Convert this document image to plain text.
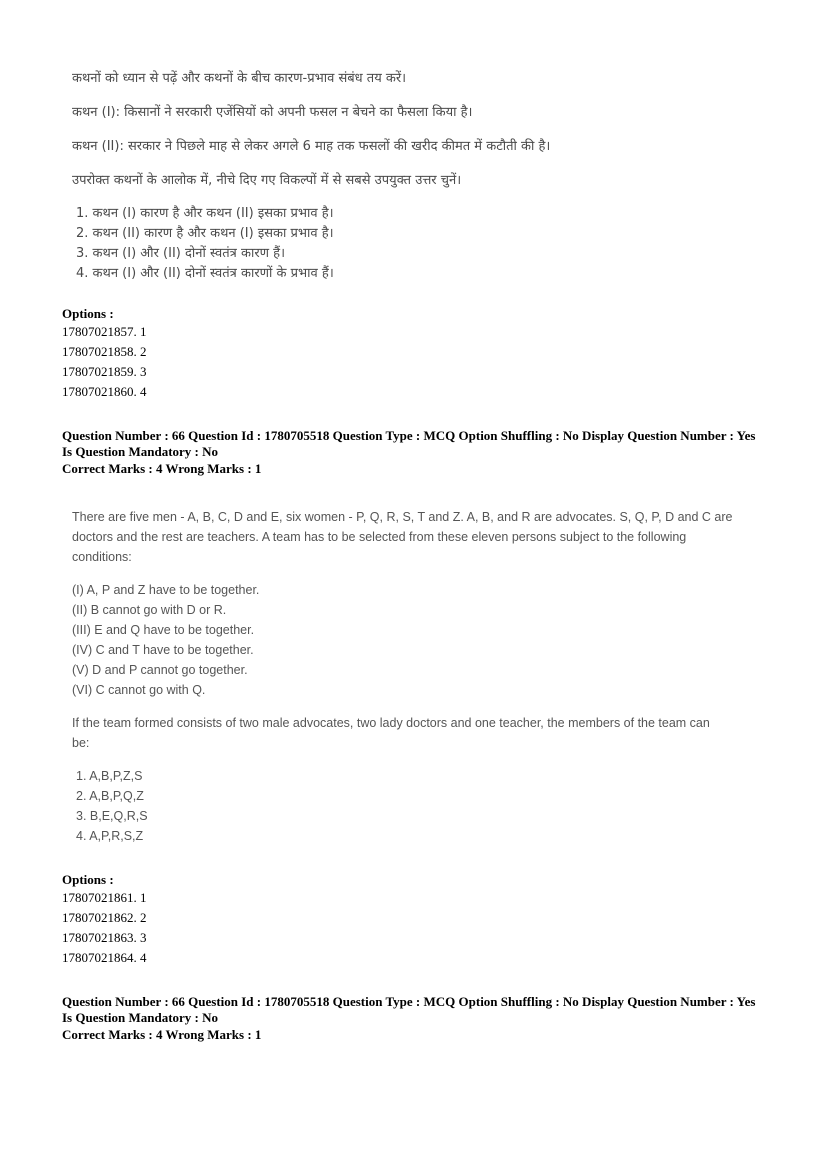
कथनों को ध्यान से पढ़ें और कथनों के बीच कारण-प्रभाव संबंध तय करें।

कथन (I): किसानों ने सरकारी एजेंसियों को अपनी फसल न बेचने का फैसला किया है।

कथन (II): सरकार ने पिछले माह से लेकर अगले 6 माह तक फसलों की खरीद कीमत में कटौती की है।

उपरोक्त कथनों के आलोक में, नीचे दिए गए विकल्पों में से सबसे उपयुक्त उत्तर चुनें।

1. कथन (I) कारण है और कथन (II) इसका प्रभाव है।
2. कथन (II) कारण है और कथन (I) इसका प्रभाव है।
3. कथन (I) और (II) दोनों स्वतंत्र कारण हैं।
4. कथन (I) और (II) दोनों स्वतंत्र कारणों के प्रभाव हैं।
Options :
17807021857. 1
17807021858. 2
17807021859. 3
17807021860. 4
Question Number : 66 Question Id : 1780705518 Question Type : MCQ Option Shuffling : No Display Question Number : Yes
Is Question Mandatory : No
Correct Marks : 4 Wrong Marks : 1
There are five men - A, B, C, D and E, six women - P, Q, R, S, T and Z. A, B, and R are advocates. S, Q, P, D and C are
doctors and the rest are teachers. A team has to be selected from these eleven persons subject to the following
conditions:
(I) A, P and Z have to be together.
(II) B cannot go with D or R.
(III) E and Q have to be together.
(IV) C and T have to be together.
(V) D and P cannot go together.
(VI) C cannot go with Q.
If the team formed consists of two male advocates, two lady doctors and one teacher, the members of the team can
be:
1. A,B,P,Z,S
2. A,B,P,Q,Z
3. B,E,Q,R,S
4. A,P,R,S,Z
Options :
17807021861. 1
17807021862. 2
17807021863. 3
17807021864. 4
Question Number : 66 Question Id : 1780705518 Question Type : MCQ Option Shuffling : No Display Question Number : Yes
Is Question Mandatory : No
Correct Marks : 4 Wrong Marks : 1
